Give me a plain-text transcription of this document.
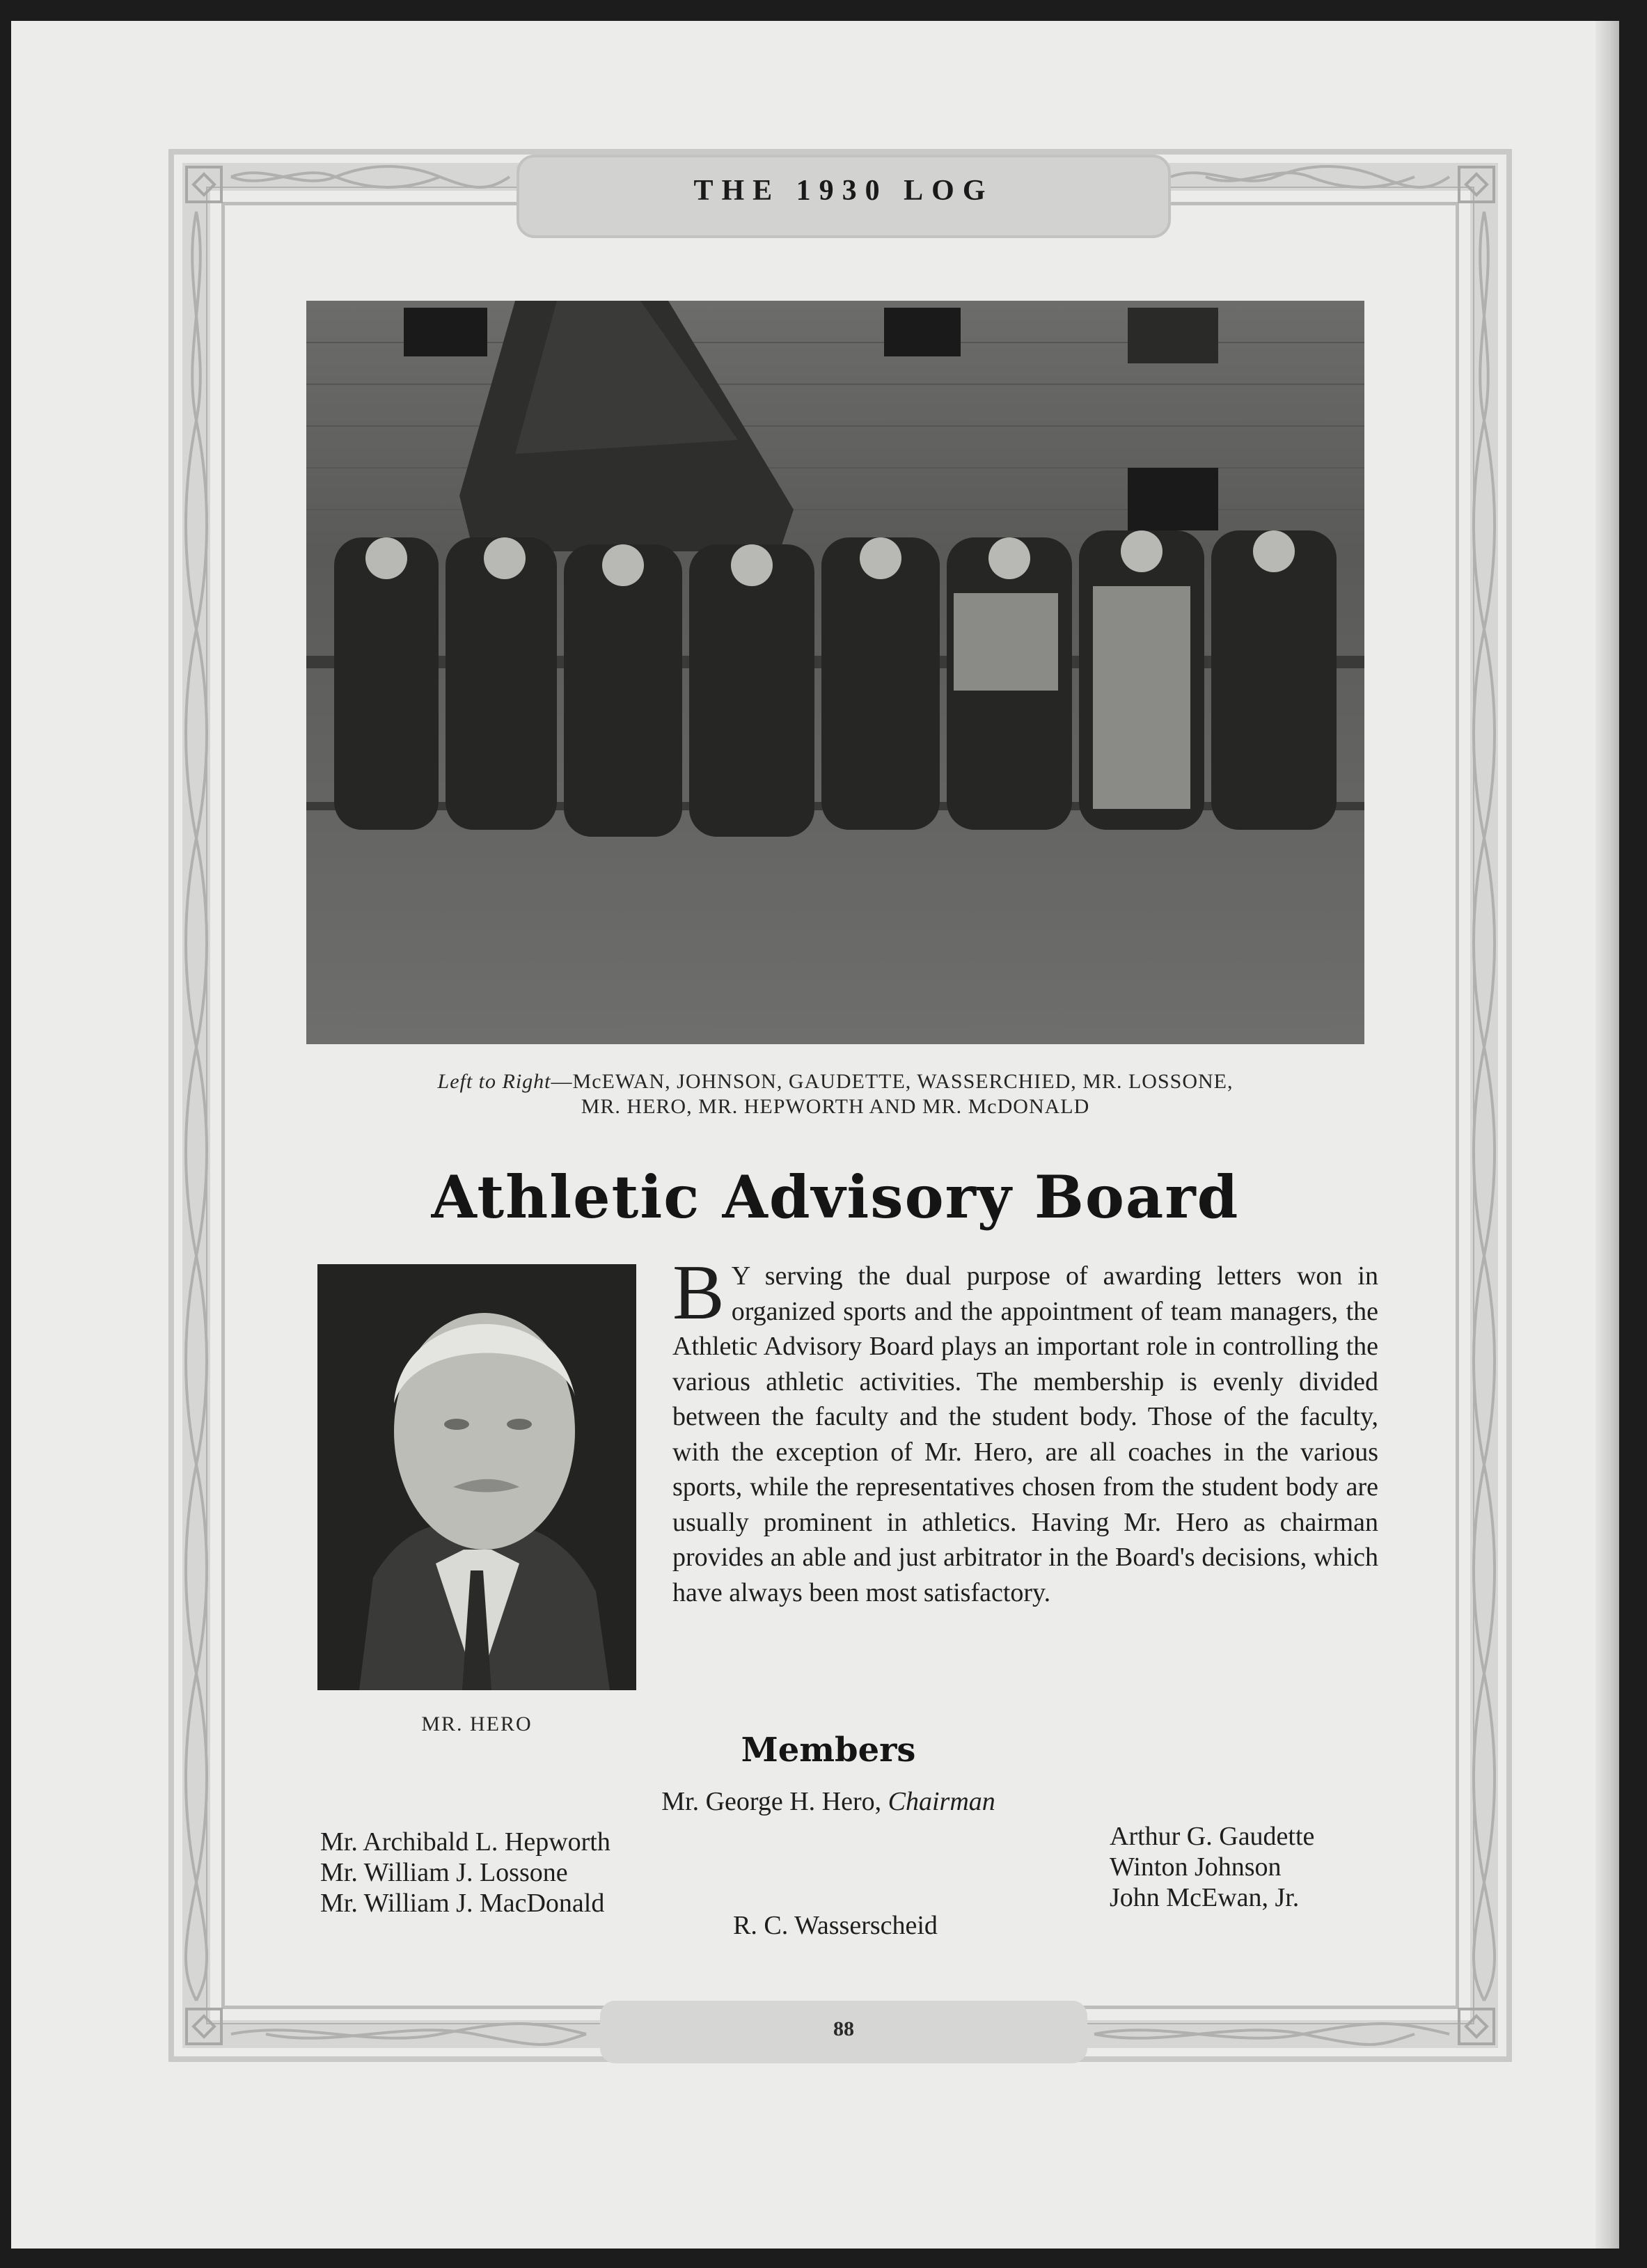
THE 1930 LOG
Left to Right—McEWAN, JOHNSON, GAUDETTE, WASSERCHIED, MR. LOSSONE,
MR. HERO, MR. HEPWORTH AND MR. McDONALD
Athletic Advisory Board
MR. HERO
B Y serving the dual purpose of awarding letters won in organized sports and the appointment of team managers, the Athletic Advisory Board plays an important role in controlling the various athletic activities. The membership is evenly divided between the faculty and the student body. Those of the faculty, with the exception of Mr. Hero, are all coaches in the various sports, while the representatives chosen from the student body are usually prominent in athletics. Having Mr. Hero as chairman provides an able and just arbitrator in the Board's decisions, which have always been most satisfactory.
Members
Mr. George H. Hero, Chairman
Mr. Archibald L. Hepworth
Mr. William J. Lossone
Mr. William J. MacDonald
Arthur G. Gaudette
Winton Johnson
John McEwan, Jr.
R. C. Wasserscheid
88
